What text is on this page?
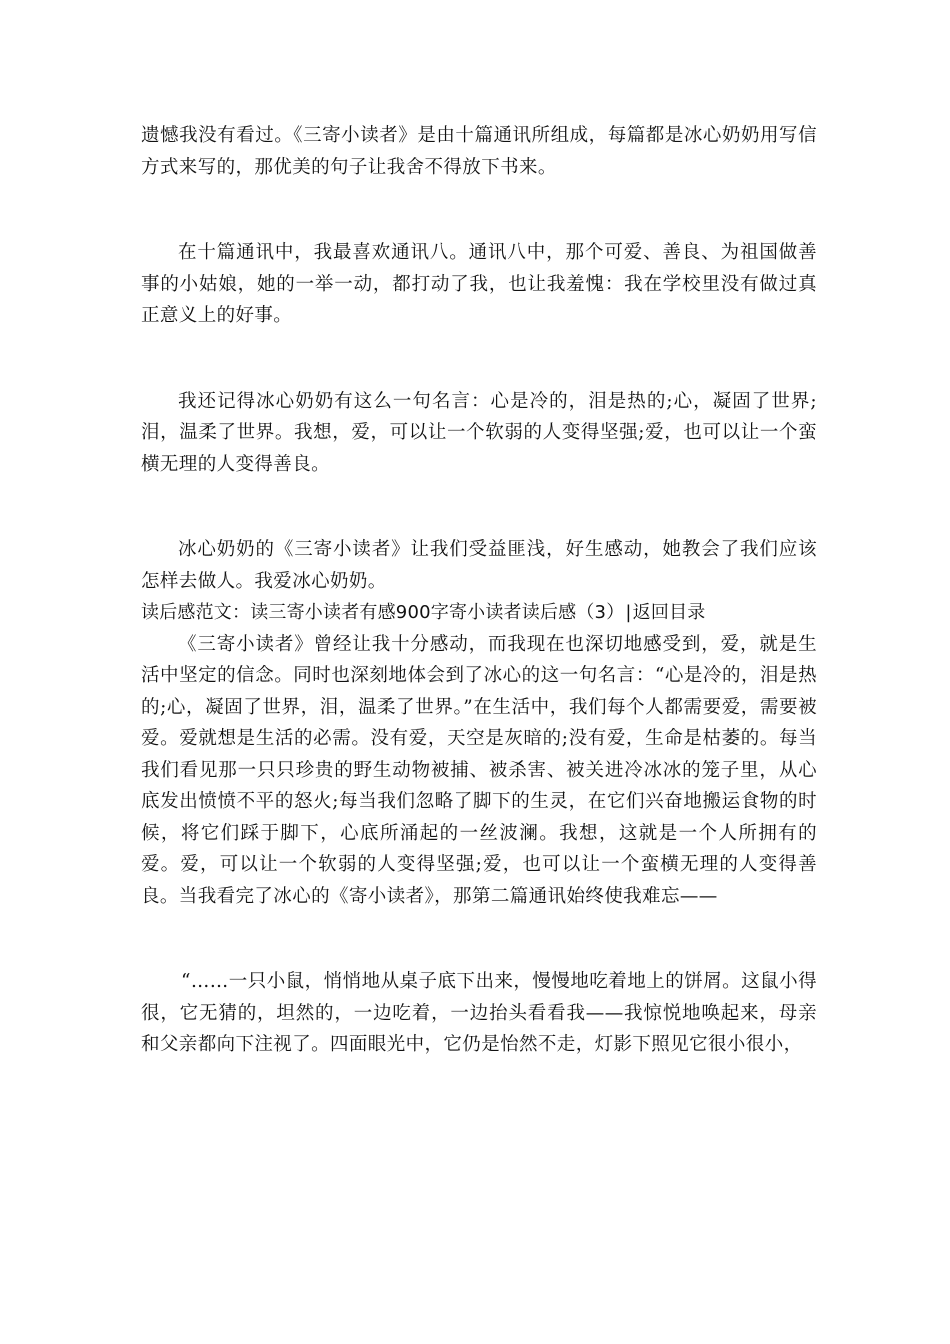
遗憾我没有看过。《三寄小读者》是由十篇通讯所组成，每篇都是冰心奶奶用写信方式来写的，那优美的句子让我舍不得放下书来。

在十篇通讯中，我最喜欢通讯八。通讯八中，那个可爱、善良、为祖国做善事的小姑娘，她的一举一动，都打动了我，也让我羞愧：我在学校里没有做过真正意义上的好事。

我还记得冰心奶奶有这么一句名言：心是冷的，泪是热的;心，凝固了世界;泪，温柔了世界。我想，爱，可以让一个软弱的人变得坚强;爱，也可以让一个蛮横无理的人变得善良。

冰心奶奶的《三寄小读者》让我们受益匪浅，好生感动，她教会了我们应该怎样去做人。我爱冰心奶奶。

读后感范文：读三寄小读者有感900字寄小读者读后感（3）|返回目录

《三寄小读者》曾经让我十分感动，而我现在也深切地感受到，爱，就是生活中坚定的信念。同时也深刻地体会到了冰心的这一句名言：“心是冷的，泪是热的;心，凝固了世界，泪，温柔了世界。”在生活中，我们每个人都需要爱，需要被爱。爱就想是生活的必需。没有爱，天空是灰暗的;没有爱，生命是枯萎的。每当我们看见那一只只珍贵的野生动物被捕、被杀害、被关进冷冰冰的笼子里，从心底发出愤愤不平的怒火;每当我们忽略了脚下的生灵，在它们兴奋地搬运食物的时候，将它们踩于脚下，心底所涌起的一丝波澜。我想，这就是一个人所拥有的爱。爱，可以让一个软弱的人变得坚强;爱，也可以让一个蛮横无理的人变得善良。当我看完了冰心的《寄小读者》，那第二篇通讯始终使我难忘——

“……一只小鼠，悄悄地从桌子底下出来，慢慢地吃着地上的饼屑。这鼠小得很，它无猜的，坦然的，一边吃着，一边抬头看看我——我惊悦地唤起来，母亲和父亲都向下注视了。四面眼光中，它仍是怡然不走，灯影下照见它很小很小，
